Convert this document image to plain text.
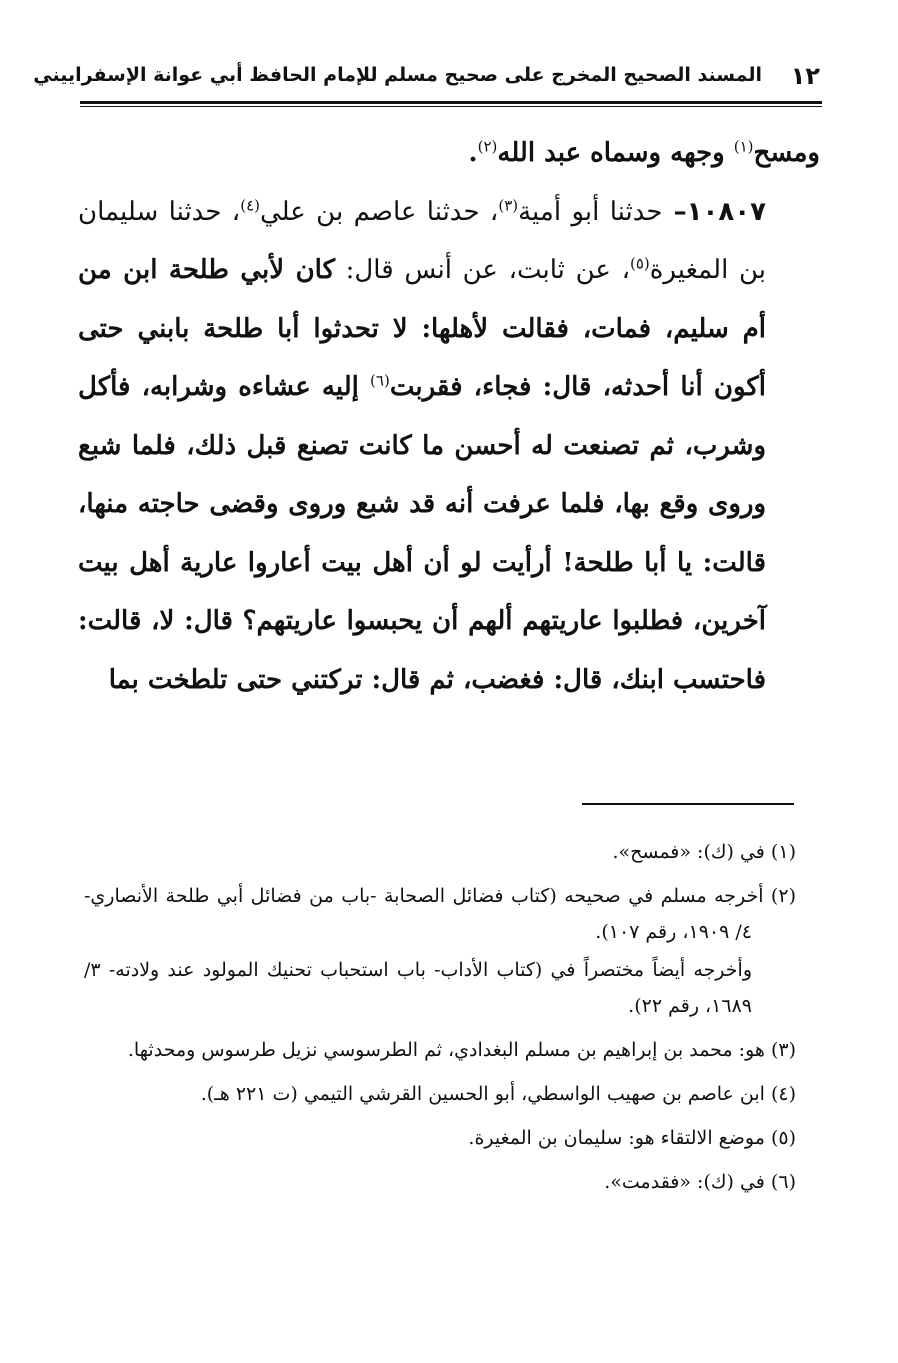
١٢
المسند الصحيح المخرج على صحيح مسلم للإمام الحافظ أبي عوانة الإسفراييني

ومسح$^{(١)}$ وجهه وسماه عبد الله$^{(٢)}$.

١٠٨٠٧– حدثنا أبو أمية$^{(٣)}$، حدثنا عاصم بن علي$^{(٤)}$، حدثنا سليمان بن المغيرة$^{(٥)}$، عن ثابت، عن أنس قال: كان لأبي طلحة ابن من أم سليم، فمات، فقالت لأهلها: لا تحدثوا أبا طلحة بابني حتى أكون أنا أحدثه، قال: فجاء، فقربت$^{(٦)}$ إليه عشاءه وشرابه، فأكل وشرب، ثم تصنعت له أحسن ما كانت تصنع قبل ذلك، فلما شبع وروى وقع بها، فلما عرفت أنه قد شبع وروى وقضى حاجته منها، قالت: يا أبا طلحة! أرأيت لو أن أهل بيت أعاروا عارية أهل بيت آخرين، فطلبوا عاريتهم ألهم أن يحبسوا عاريتهم؟ قال: لا، قالت: فاحتسب ابنك، قال: فغضب، ثم قال: تركتني حتى تلطخت بما

(١) في (ك): «فمسح».
(٢) أخرجه مسلم في صحيحه (كتاب فضائل الصحابة -باب من فضائل أبي طلحة الأنصاري- ٤/ ١٩٠٩، رقم ١٠٧).
وأخرجه أيضاً مختصراً في (كتاب الأداب- باب استحباب تحنيك المولود عند ولادته- ٣/ ١٦٨٩، رقم ٢٢).
(٣) هو: محمد بن إبراهيم بن مسلم البغدادي، ثم الطرسوسي نزيل طرسوس ومحدثها.
(٤) ابن عاصم بن صهيب الواسطي، أبو الحسين القرشي التيمي (ت ٢٢١ هـ).
(٥) موضع الالتقاء هو: سليمان بن المغيرة.
(٦) في (ك): «فقدمت».
